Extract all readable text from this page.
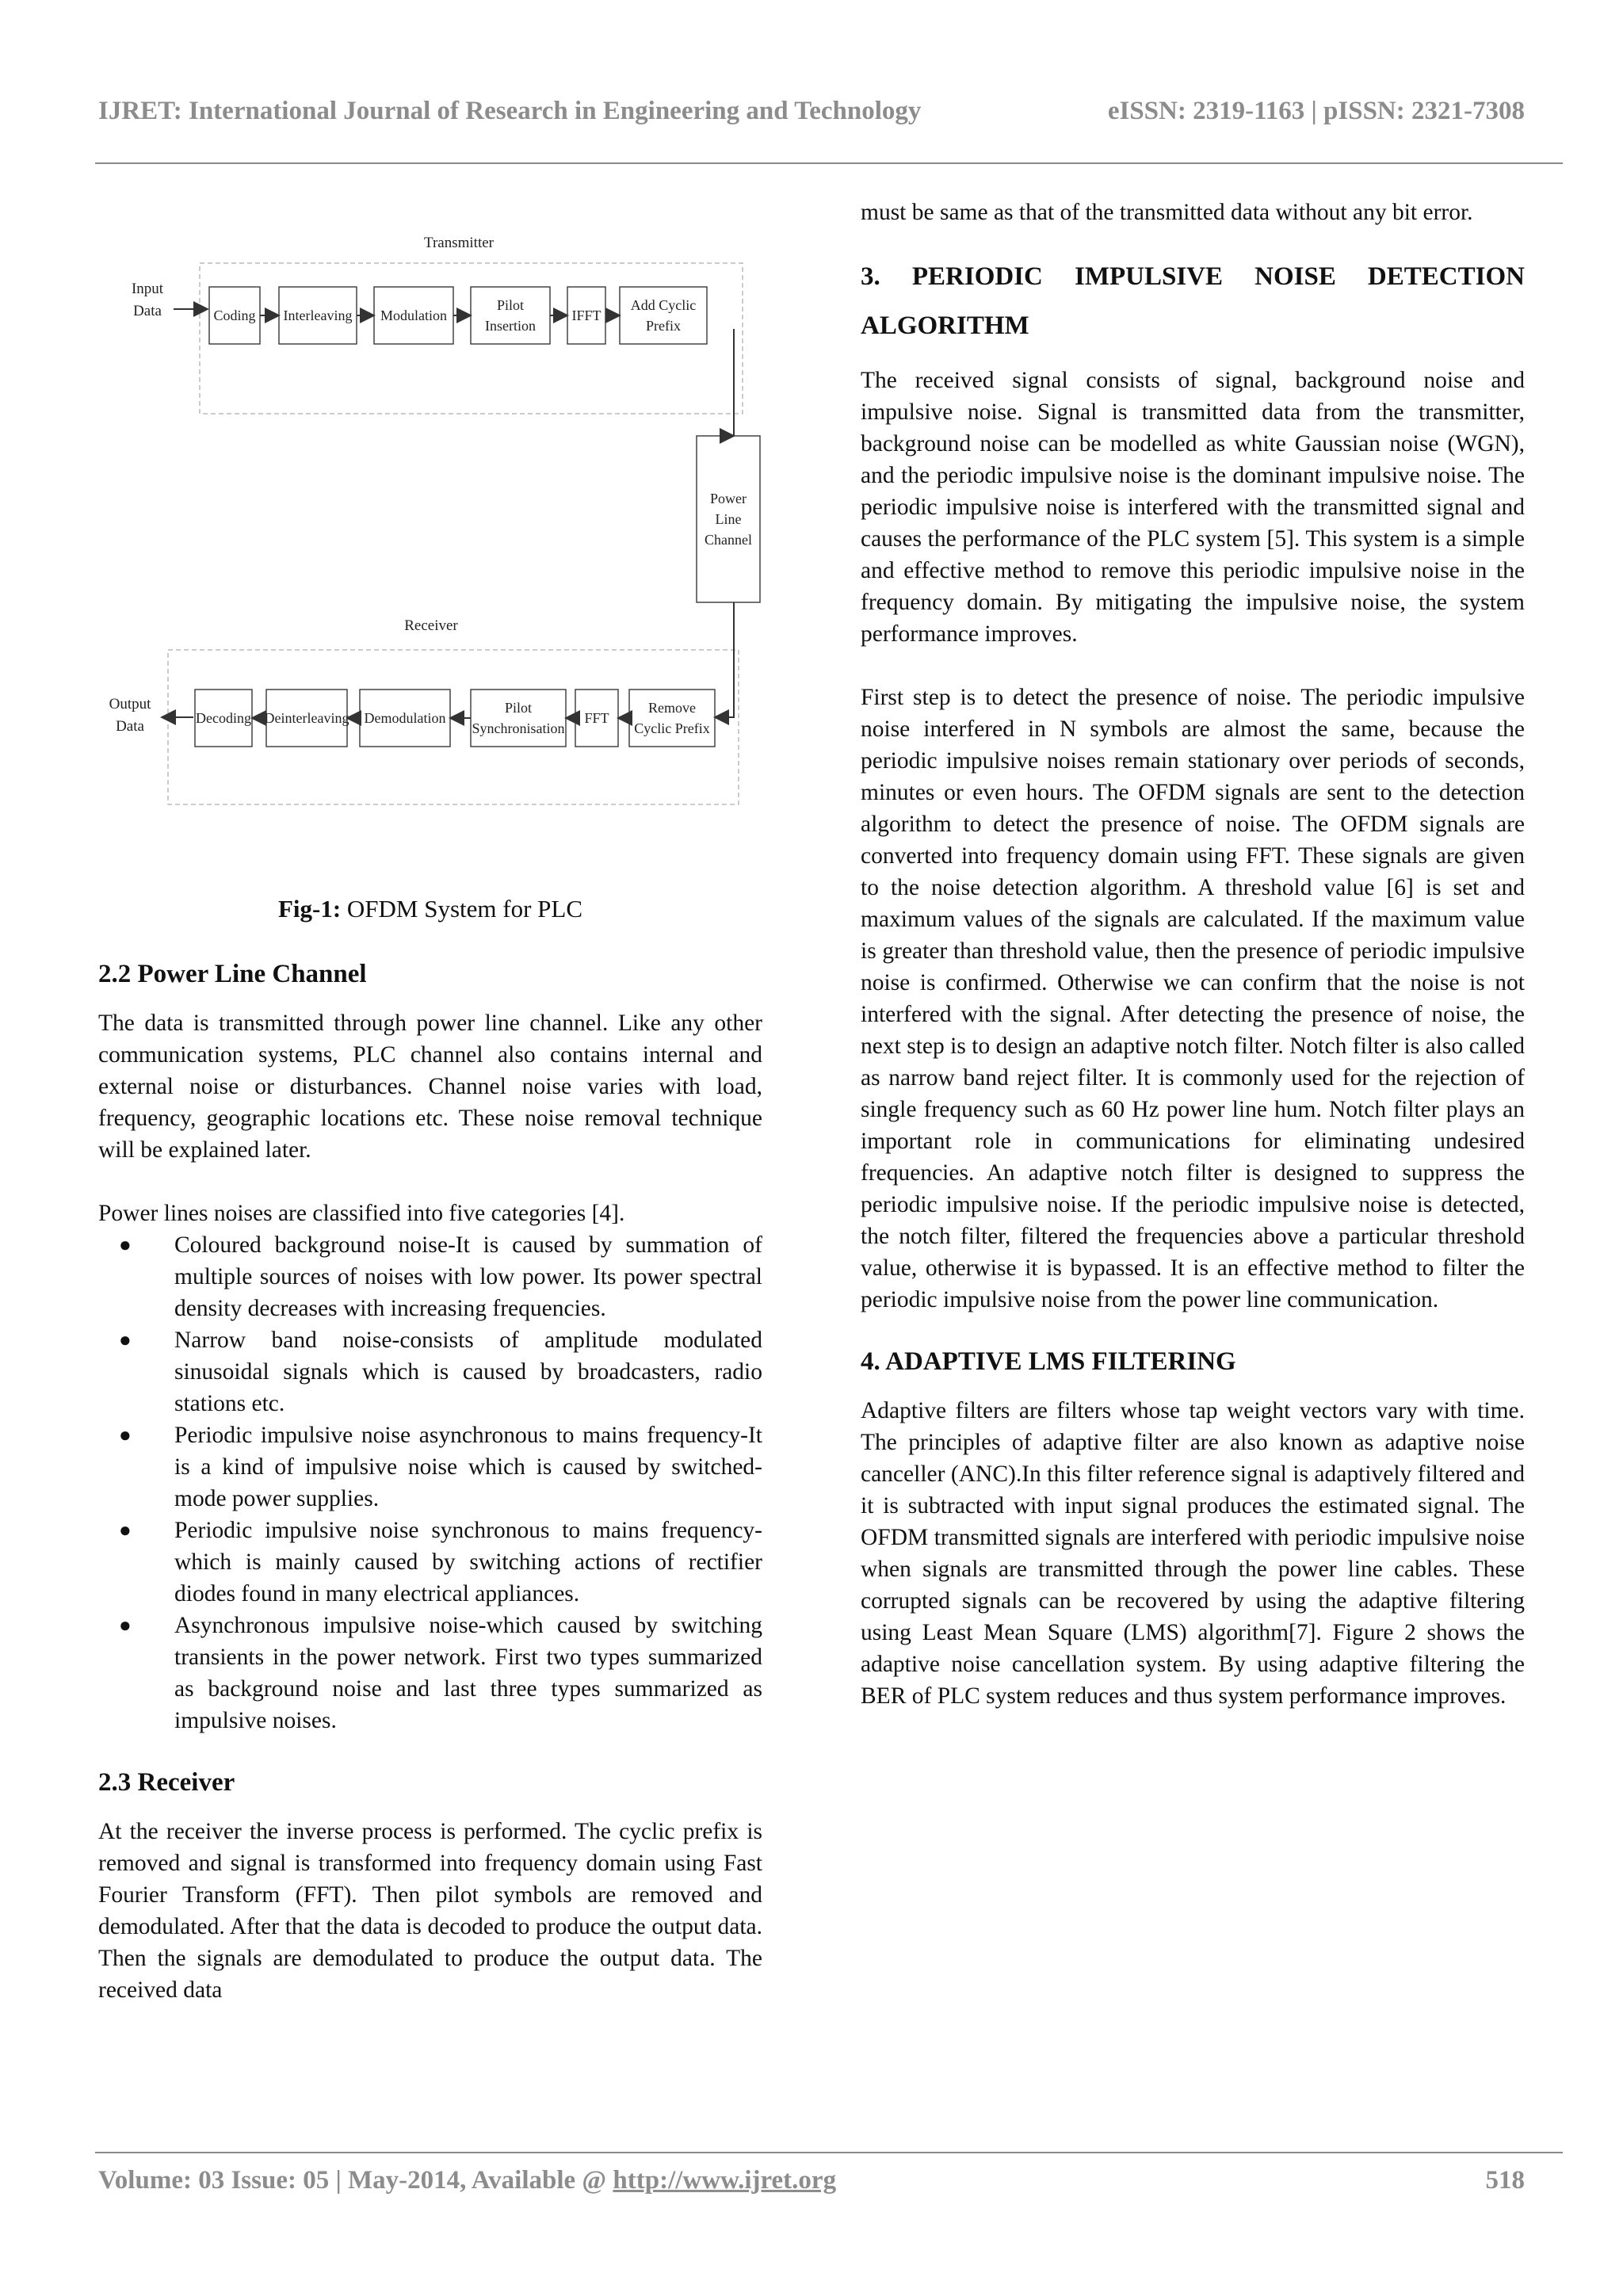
IJRET: International Journal of Research in Engineering and Technology	eISSN: 2319-1163 | pISSN: 2321-7308
Transmitter
Input
Data
Receiver
Output
Data
Coding Interleaving Modulation
Pilot
Insertion
IFFT
Add Cyclic
Prefix
Decoding Deinterleaving Demodulation
Pilot
Synchronisation
FFT
Remove
Cyclic Prefix
Power
Line
Channel
Fig-1: OFDM System for PLC
2.2 Power Line Channel

The data is transmitted through power line channel. Like any other communication systems, PLC channel also contains internal and external noise or disturbances. Channel noise varies with load, frequency, geographic locations etc. These noise removal technique will be explained later.

Power lines noises are classified into five categories [4].

● Coloured background noise-It is caused by summation of multiple sources of noises with low power. Its power spectral density decreases with increasing frequencies.
● Narrow band noise-consists of amplitude modulated sinusoidal signals which is caused by broadcasters, radio stations etc.
● Periodic impulsive noise asynchronous to mains frequency-It is a kind of impulsive noise which is caused by switched-mode power supplies.
● Periodic impulsive noise synchronous to mains frequency-which is mainly caused by switching actions of rectifier diodes found in many electrical appliances.
● Asynchronous impulsive noise-which caused by switching transients in the power network. First two types summarized as background noise and last three types summarized as impulsive noises.
2.3 Receiver

At the receiver the inverse process is performed. The cyclic prefix is removed and signal is transformed into frequency domain using Fast Fourier Transform (FFT). Then pilot symbols are removed and demodulated. After that the data is decoded to produce the output data. Then the signals are demodulated to produce the output data. The received data

must be same as that of the transmitted data without any bit error.

3. PERIODIC IMPULSIVE NOISE DETECTION ALGORITHM

The received signal consists of signal, background noise and impulsive noise. Signal is transmitted data from the transmitter, background noise can be modelled as white Gaussian noise (WGN), and the periodic impulsive noise is the dominant impulsive noise. The periodic impulsive noise is interfered with the transmitted signal and causes the performance of the PLC system [5]. This system is a simple and effective method to remove this periodic impulsive noise in the frequency domain. By mitigating the impulsive noise, the system performance improves.

First step is to detect the presence of noise. The periodic impulsive noise interfered in N symbols are almost the same, because the periodic impulsive noises remain stationary over periods of seconds, minutes or even hours. The OFDM signals are sent to the detection algorithm to detect the presence of noise. The OFDM signals are converted into frequency domain using FFT. These signals are given to the noise detection algorithm. A threshold value [6] is set and maximum values of the signals are calculated. If the maximum value is greater than threshold value, then the presence of periodic impulsive noise is confirmed. Otherwise we can confirm that the noise is not interfered with the signal. After detecting the presence of noise, the next step is to design an adaptive notch filter. Notch filter is also called as narrow band reject filter. It is commonly used for the rejection of single frequency such as 60 Hz power line hum. Notch filter plays an important role in communications for eliminating undesired frequencies. An adaptive notch filter is designed to suppress the periodic impulsive noise. If the periodic impulsive noise is detected, the notch filter, filtered the frequencies above a particular threshold value, otherwise it is bypassed. It is an effective method to filter the periodic impulsive noise from the power line communication.

4. ADAPTIVE LMS FILTERING

Adaptive filters are filters whose tap weight vectors vary with time. The principles of adaptive filter are also known as adaptive noise canceller (ANC).In this filter reference signal is adaptively filtered and it is subtracted with input signal produces the estimated signal. The OFDM transmitted signals are interfered with periodic impulsive noise when signals are transmitted through the power line cables. These corrupted signals can be recovered by using the adaptive filtering using Least Mean Square (LMS) algorithm[7]. Figure 2 shows the adaptive noise cancellation system. By using adaptive filtering the BER of PLC system reduces and thus system performance improves.

Volume: 03 Issue: 05 | May-2014, Available @ http://www.ijret.org	518
